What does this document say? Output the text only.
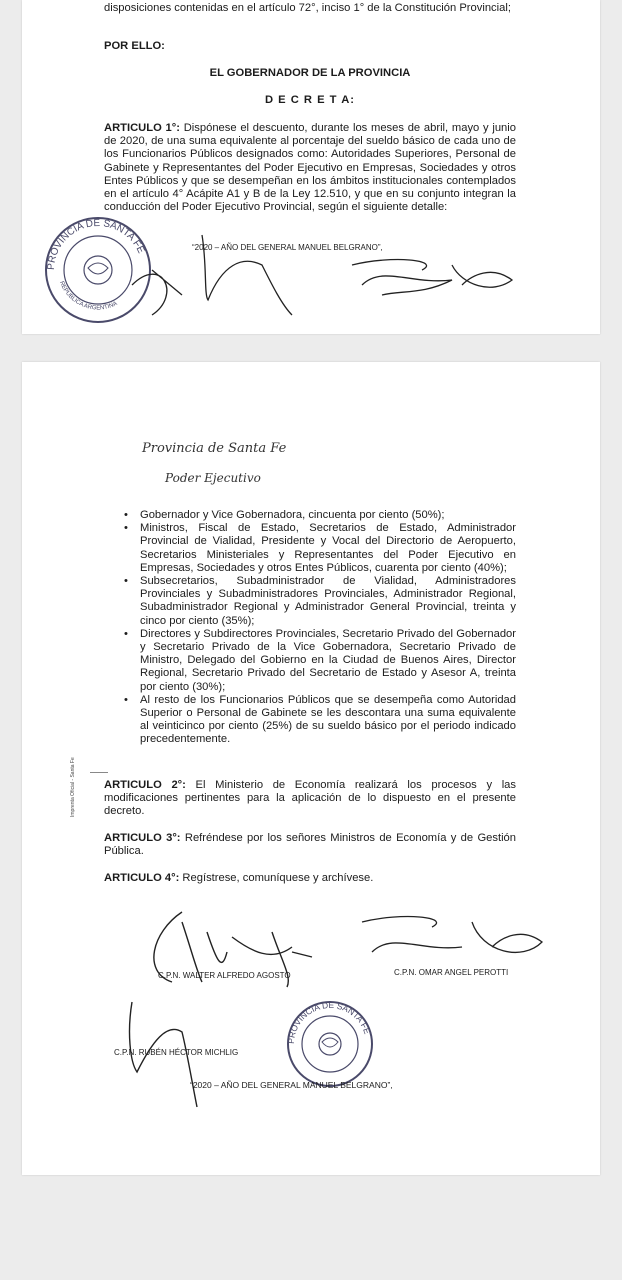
disposiciones contenidas en el artículo 72°, inciso 1° de la Constitución Provincial;
POR ELLO:
EL GOBERNADOR DE LA PROVINCIA
D E C R E T A:
ARTICULO 1°: Dispónese el descuento, durante los meses de abril, mayo y junio de 2020, de una suma equivalente al porcentaje del sueldo básico de cada uno de los Funcionarios Públicos designados como: Autoridades Superiores, Personal de Gabinete y Representantes del Poder Ejecutivo en Empresas, Sociedades y otros Entes Públicos y que se desempeñan en los ámbitos institucionales contemplados en el artículo 4° Acápite A1 y B de la Ley 12.510, y que en su conjunto integran la conducción del Poder Ejecutivo Provincial, según el siguiente detalle:
“2020 – AÑO DEL GENERAL MANUEL BELGRANO”,
PROVINCIA DE SANTA FE
REPUBLICA ARGENTINA
Provincia de Santa Fe
Poder Ejecutivo
• Gobernador y Vice Gobernadora, cincuenta por ciento (50%);
• Ministros, Fiscal de Estado, Secretarios de Estado, Administrador Provincial de Vialidad, Presidente y Vocal del Directorio de Aeropuerto, Secretarios Ministeriales y Representantes del Poder Ejecutivo en Empresas, Sociedades y otros Entes Públicos, cuarenta por ciento (40%);
• Subsecretarios, Subadministrador de Vialidad, Administradores Provinciales y Subadministradores Provinciales, Administrador Regional, Subadministrador Regional y Administrador General Provincial, treinta y cinco por ciento (35%);
• Directores y Subdirectores Provinciales, Secretario Privado del Gobernador y Secretario Privado de la Vice Gobernadora, Secretario Privado de Ministro, Delegado del Gobierno en la Ciudad de Buenos Aires, Director Regional, Secretario Privado del Secretario de Estado y Asesor A, treinta por ciento (30%);
• Al resto de los Funcionarios Públicos que se desempeña como Autoridad Superior o Personal de Gabinete se les descontara una suma equivalente al veinticinco por ciento (25%) de su sueldo básico por el periodo indicado precedentemente.
Imprenta Oficial - Santa Fe	ARTICULO 2°: El Ministerio de Economía realizará los procesos y las modificaciones pertinentes para la aplicación de lo dispuesto en el presente decreto.
ARTICULO 3°: Refréndese por los señores Ministros de Economía y de Gestión Pública.
ARTICULO 4°: Regístrese, comuníquese y archívese.
C.P.N. WALTER ALFREDO AGOSTO	C.P.N. OMAR ANGEL PEROTTI
C.P.N. RUBÉN HÉCTOR MICHLIG
PROVINCIA DE SANTA FE
“2020 – AÑO DEL GENERAL MANUEL BELGRANO”,
